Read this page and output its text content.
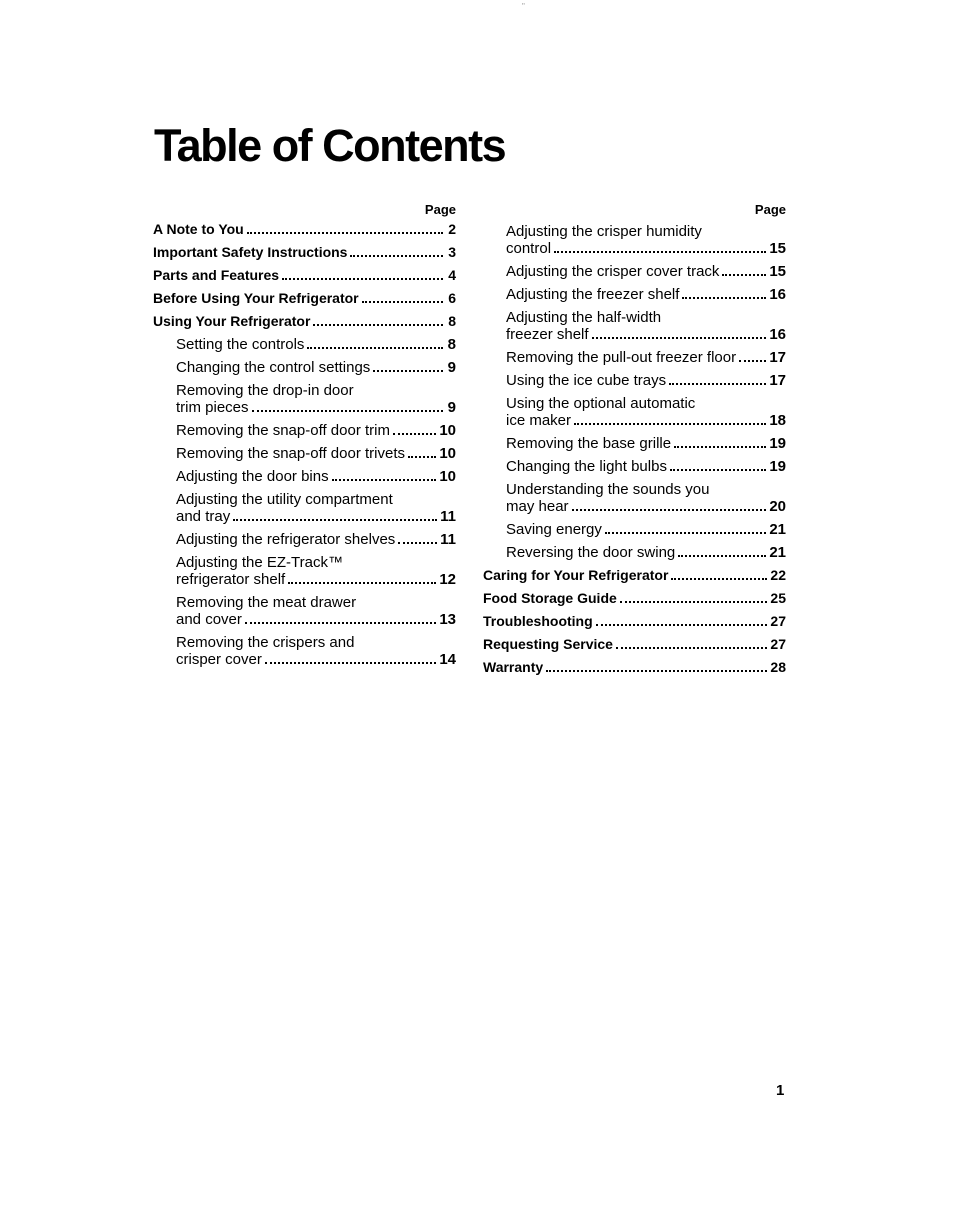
"
Table of Contents
Page
A Note to You	2
Important Safety Instructions	3
Parts and Features	4
Before Using Your Refrigerator	6
Using Your Refrigerator	8
Setting the controls	8
Changing the control settings	9
Removing the drop-in door
trim pieces	9
Removing the snap-off door trim	10
Removing the snap-off door trivets 10
Adjusting the door bins	10
Adjusting the utility compartment
and tray	11
Adjusting the refrigerator shelves	11
Adjusting the EZ-Track™
refrigerator shelf	12
Removing the meat drawer
and cover	13
Removing the crispers and
crisper cover	14
Page
Adjusting the crisper humidity
control	15
Adjusting the crisper cover track	15
Adjusting the freezer shelf	16
Adjusting the half-width
freezer shelf	16
Removing the pull-out freezer floor 17
Using the ice cube trays	17
Using the optional automatic
ice maker	18
Removing the base grille	19
Changing the light bulbs	19
Understanding the sounds you
may hear	20
Saving energy	21
Reversing the door swing	21
Caring for Your Refrigerator	22
Food Storage Guide	25
Troubleshooting	27
Requesting Service	27
Warranty	28
1
